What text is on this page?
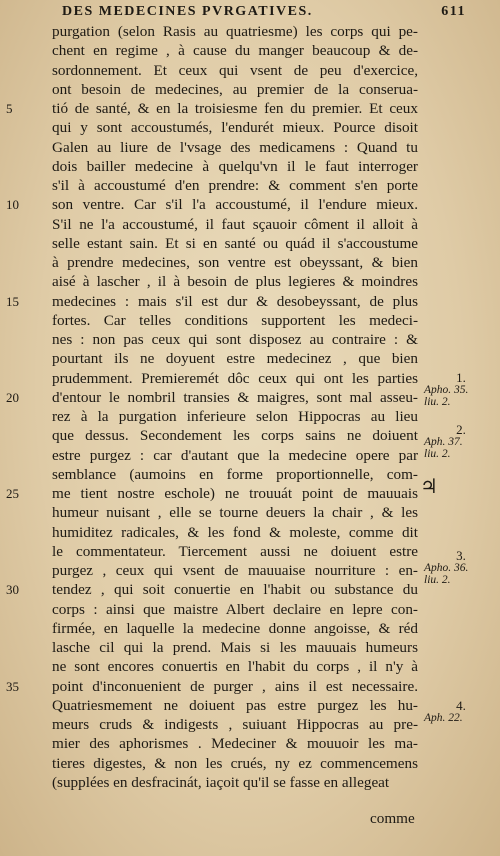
DES MEDECINES PVRGATIVES.	611
purgation (selon Rasis au quatriesme) les corps qui pe-
chent en regime , à cause du manger beaucoup & de-
sordonnement. Et ceux qui vsent de peu d'exercice,
ont besoin de medecines, au premier de la conserua-
5	tió de santé, & en la troisiesme fen du premier. Et ceux
qui y sont accoustumés, l'endurét mieux. Pource disoit
Galen au liure de l'vsage des medicamens : Quand tu
dois bailler medecine à quelqu'vn il le faut interroger
s'il à accoustumé d'en prendre: & comment s'en porte
10	son ventre. Car s'il l'a accoustumé, il l'endure mieux.
S'il ne l'a accoustumé, il faut sçauoir côment il alloit à
selle estant sain. Et si en santé ou quád il s'accoustume
à prendre medecines, son ventre est obeyssant, & bien
aisé à lascher , il à besoin de plus legieres & moindres
15	medecines : mais s'il est dur & desobeyssant, de plus
fortes. Car telles conditions supportent les medeci-
nes : non pas ceux qui sont disposez au contraire : &
pourtant ils ne doyuent estre medecinez , que bien
prudemment. Premieremét dôc ceux qui ont les parties
20	d'entour le nombril transies & maigres, sont mal asseu-
rez à la purgation inferieure selon Hippocras au lieu
que dessus. Secondement les corps sains ne doiuent
estre purgez : car d'autant que la medecine opere par
semblance (aumoins en forme proportionnelle, com-
25	me tient nostre eschole) ne trouuát point de mauuais
humeur nuisant , elle se tourne deuers la chair , & les
humiditez radicales, & les fond & moleste, comme dit
le commentateur. Tiercement aussi ne doiuent estre
purgez , ceux qui vsent de mauuaise nourriture : en-
30	tendez , qui soit conuertie en l'habit ou substance du
corps : ainsi que maistre Albert declaire en lepre con-
firmée, en laquelle la medecine donne angoisse, & réd
lasche cil qui la prend. Mais si les mauuais humeurs
ne sont encores conuertis en l'habit du corps , il n'y à
35	point d'inconuenient de purger , ains il est necessaire.
Quatriesmement ne doiuent pas estre purgez les hu-
meurs cruds & indigests , suiuant Hippocras au pre-
mier des aphorismes . Medeciner & mouuoir les ma-
tieres digestes, & non les crués, ny ez commencemens
(supplées en desfracinát, iaçoit qu'il se fasse en allegeat
1.
Apho. 35.
liu. 2.
2.
Aph. 37.
liu. 2.
♃
3.
Apho. 36.
liu. 2.
4.
Aph. 22.
comme
